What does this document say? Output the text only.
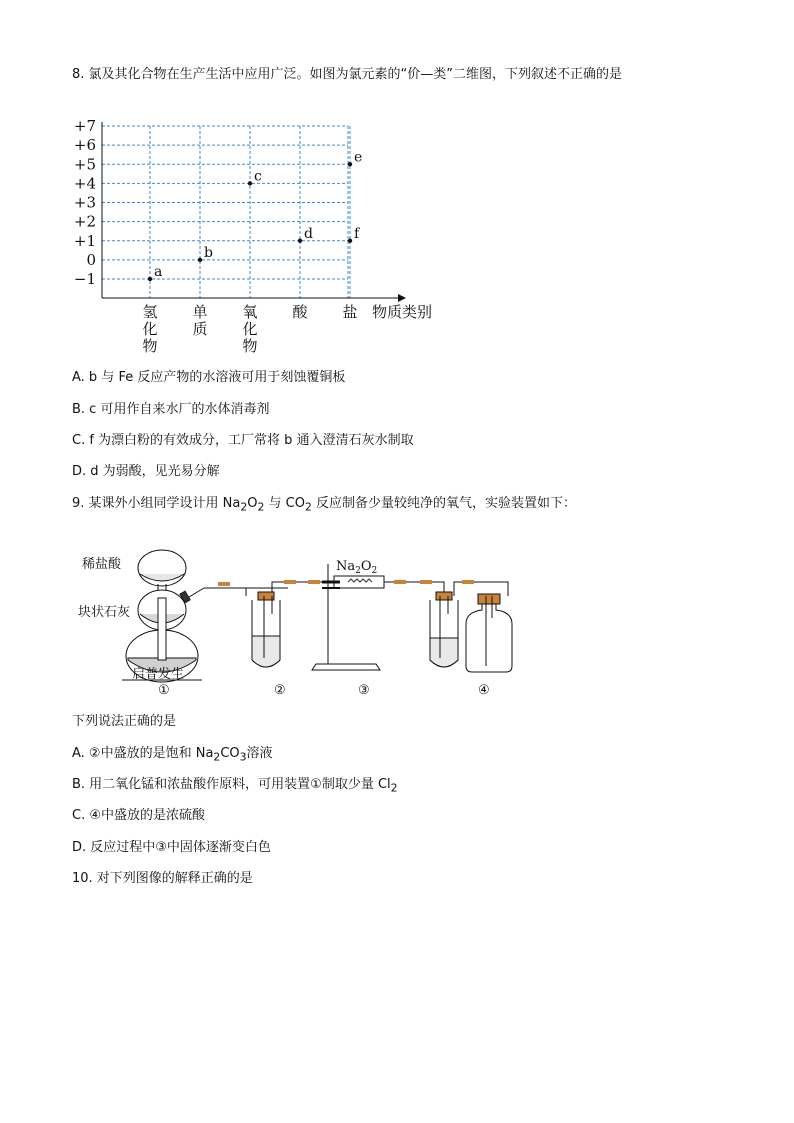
8. 氯及其化合物在生产生活中应用广泛。如图为氯元素的“价—类”二维图，下列叙述不正确的是
+7
+6
+5
+4
+3
+2
+1
0
−1
氢
化
物
单
质
氧
化
物
酸 盐
a
b
c
d
e
f
物质类别
A. b 与 Fe 反应产物的水溶液可用于刻蚀覆铜板
B. c 可用作自来水厂的水体消毒剂
C. f 为漂白粉的有效成分，工厂常将 b 通入澄清石灰水制取
D. d 为弱酸，见光易分解
9. 某课外小组同学设计用 $Na_2O_2$ 与 $CO_2$ 反应制备少量较纯净的氧气，实验装置如下：
稀盐酸
块状石灰
启普发生
$Na_2O_2$
①	②	③	④
下列说法正确的是
A. ②中盛放的是饱和 $Na_2CO_3$溶液
B. 用二氧化锰和浓盐酸作原料，可用装置①制取少量 $Cl_2$
C. ④中盛放的是浓硫酸
D. 反应过程中③中固体逐渐变白色
10. 对下列图像的解释正确的是
